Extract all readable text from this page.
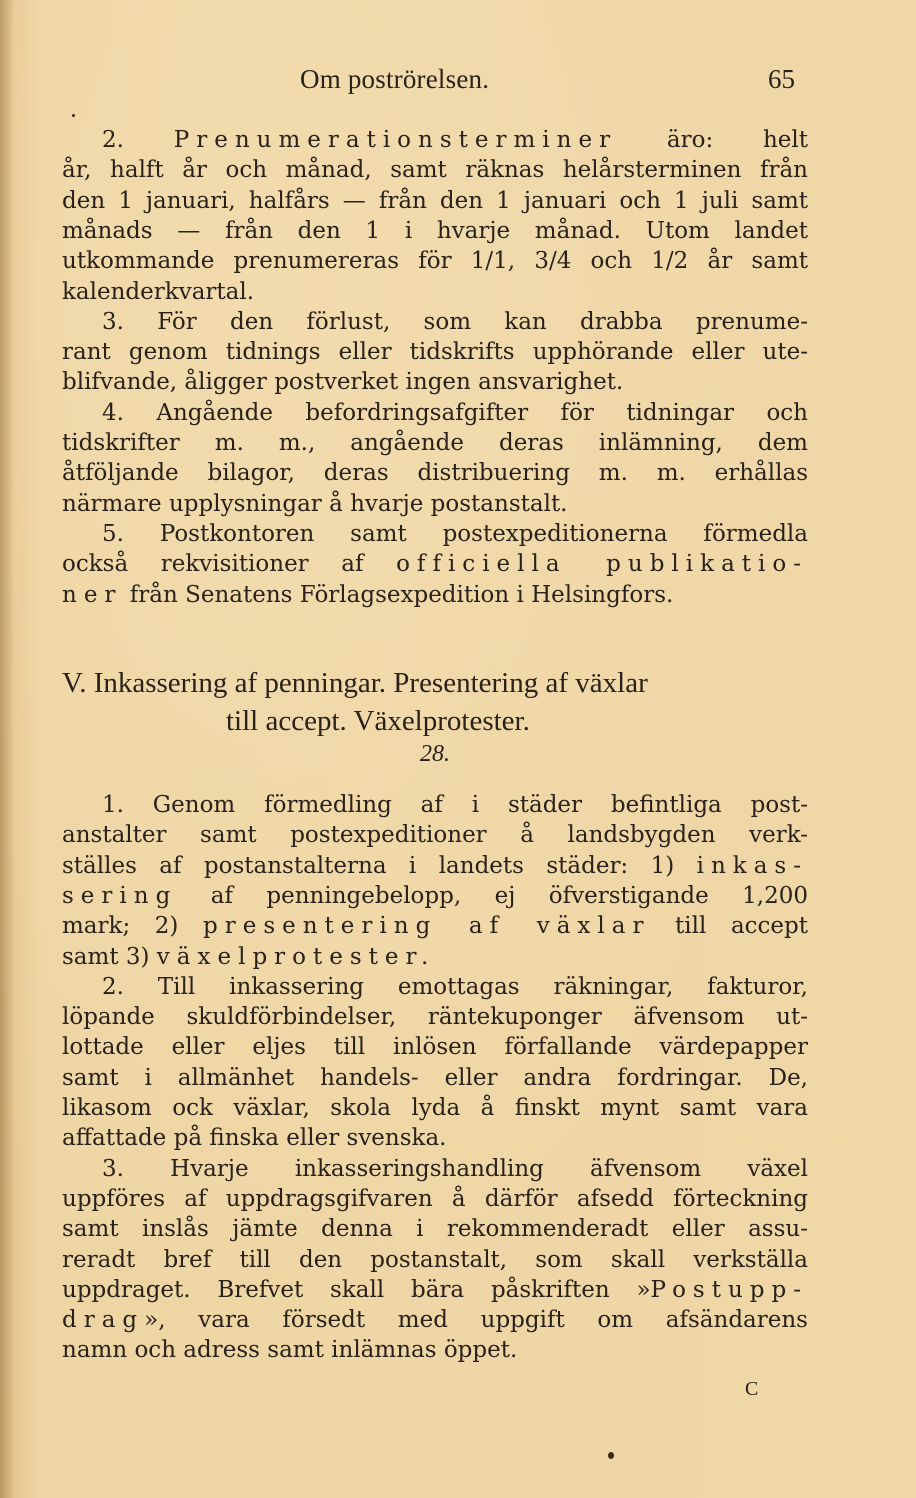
Om poströrelsen.	65
2. Prenumerationsterminer äro: helt
år, halft år och månad, samt räknas helårsterminen från
den 1 januari, halfårs — från den 1 januari och 1 juli samt
månads — från den 1 i hvarje månad. Utom landet
utkommande prenumereras för 1/1, 3/4 och 1/2 år samt
kalenderkvartal.
3. För den förlust, som kan drabba prenume-
rant genom tidnings eller tidskrifts upphörande eller ute-
blifvande, åligger postverket ingen ansvarighet.
4. Angående befordringsafgifter för tidningar och
tidskrifter m. m., angående deras inlämning, dem
åtföljande bilagor, deras distribuering m. m. erhållas
närmare upplysningar å hvarje postanstalt.
5. Postkontoren samt postexpeditionerna förmedla
också rekvisitioner af officiella publikatio-
ner från Senatens Förlagsexpedition i Helsingfors.
V. Inkassering af penningar. Presentering af växlar
till accept. Växelprotester.
28.
1. Genom förmedling af i städer befintliga post-
anstalter samt postexpeditioner å landsbygden verk-
ställes af postanstalterna i landets städer: 1) inkas-
sering af penningebelopp, ej öfverstigande 1,200
mark; 2) presentering af växlar till accept
samt 3) växelprotester.
2. Till inkassering emottagas räkningar, fakturor,
löpande skuldförbindelser, räntekuponger äfvensom ut-
lottade eller eljes till inlösen förfallande värdepapper
samt i allmänhet handels- eller andra fordringar. De,
likasom ock växlar, skola lyda å finskt mynt samt vara
affattade på finska eller svenska.
3. Hvarje inkasseringshandling äfvensom växel
uppföres af uppdragsgifvaren å därför afsedd förteckning
samt inslås jämte denna i rekommenderadt eller assu-
reradt bref till den postanstalt, som skall verkställa
uppdraget. Brefvet skall bära påskriften »Postupp-
drag», vara försedt med uppgift om afsändarens
namn och adress samt inlämnas öppet.
C
